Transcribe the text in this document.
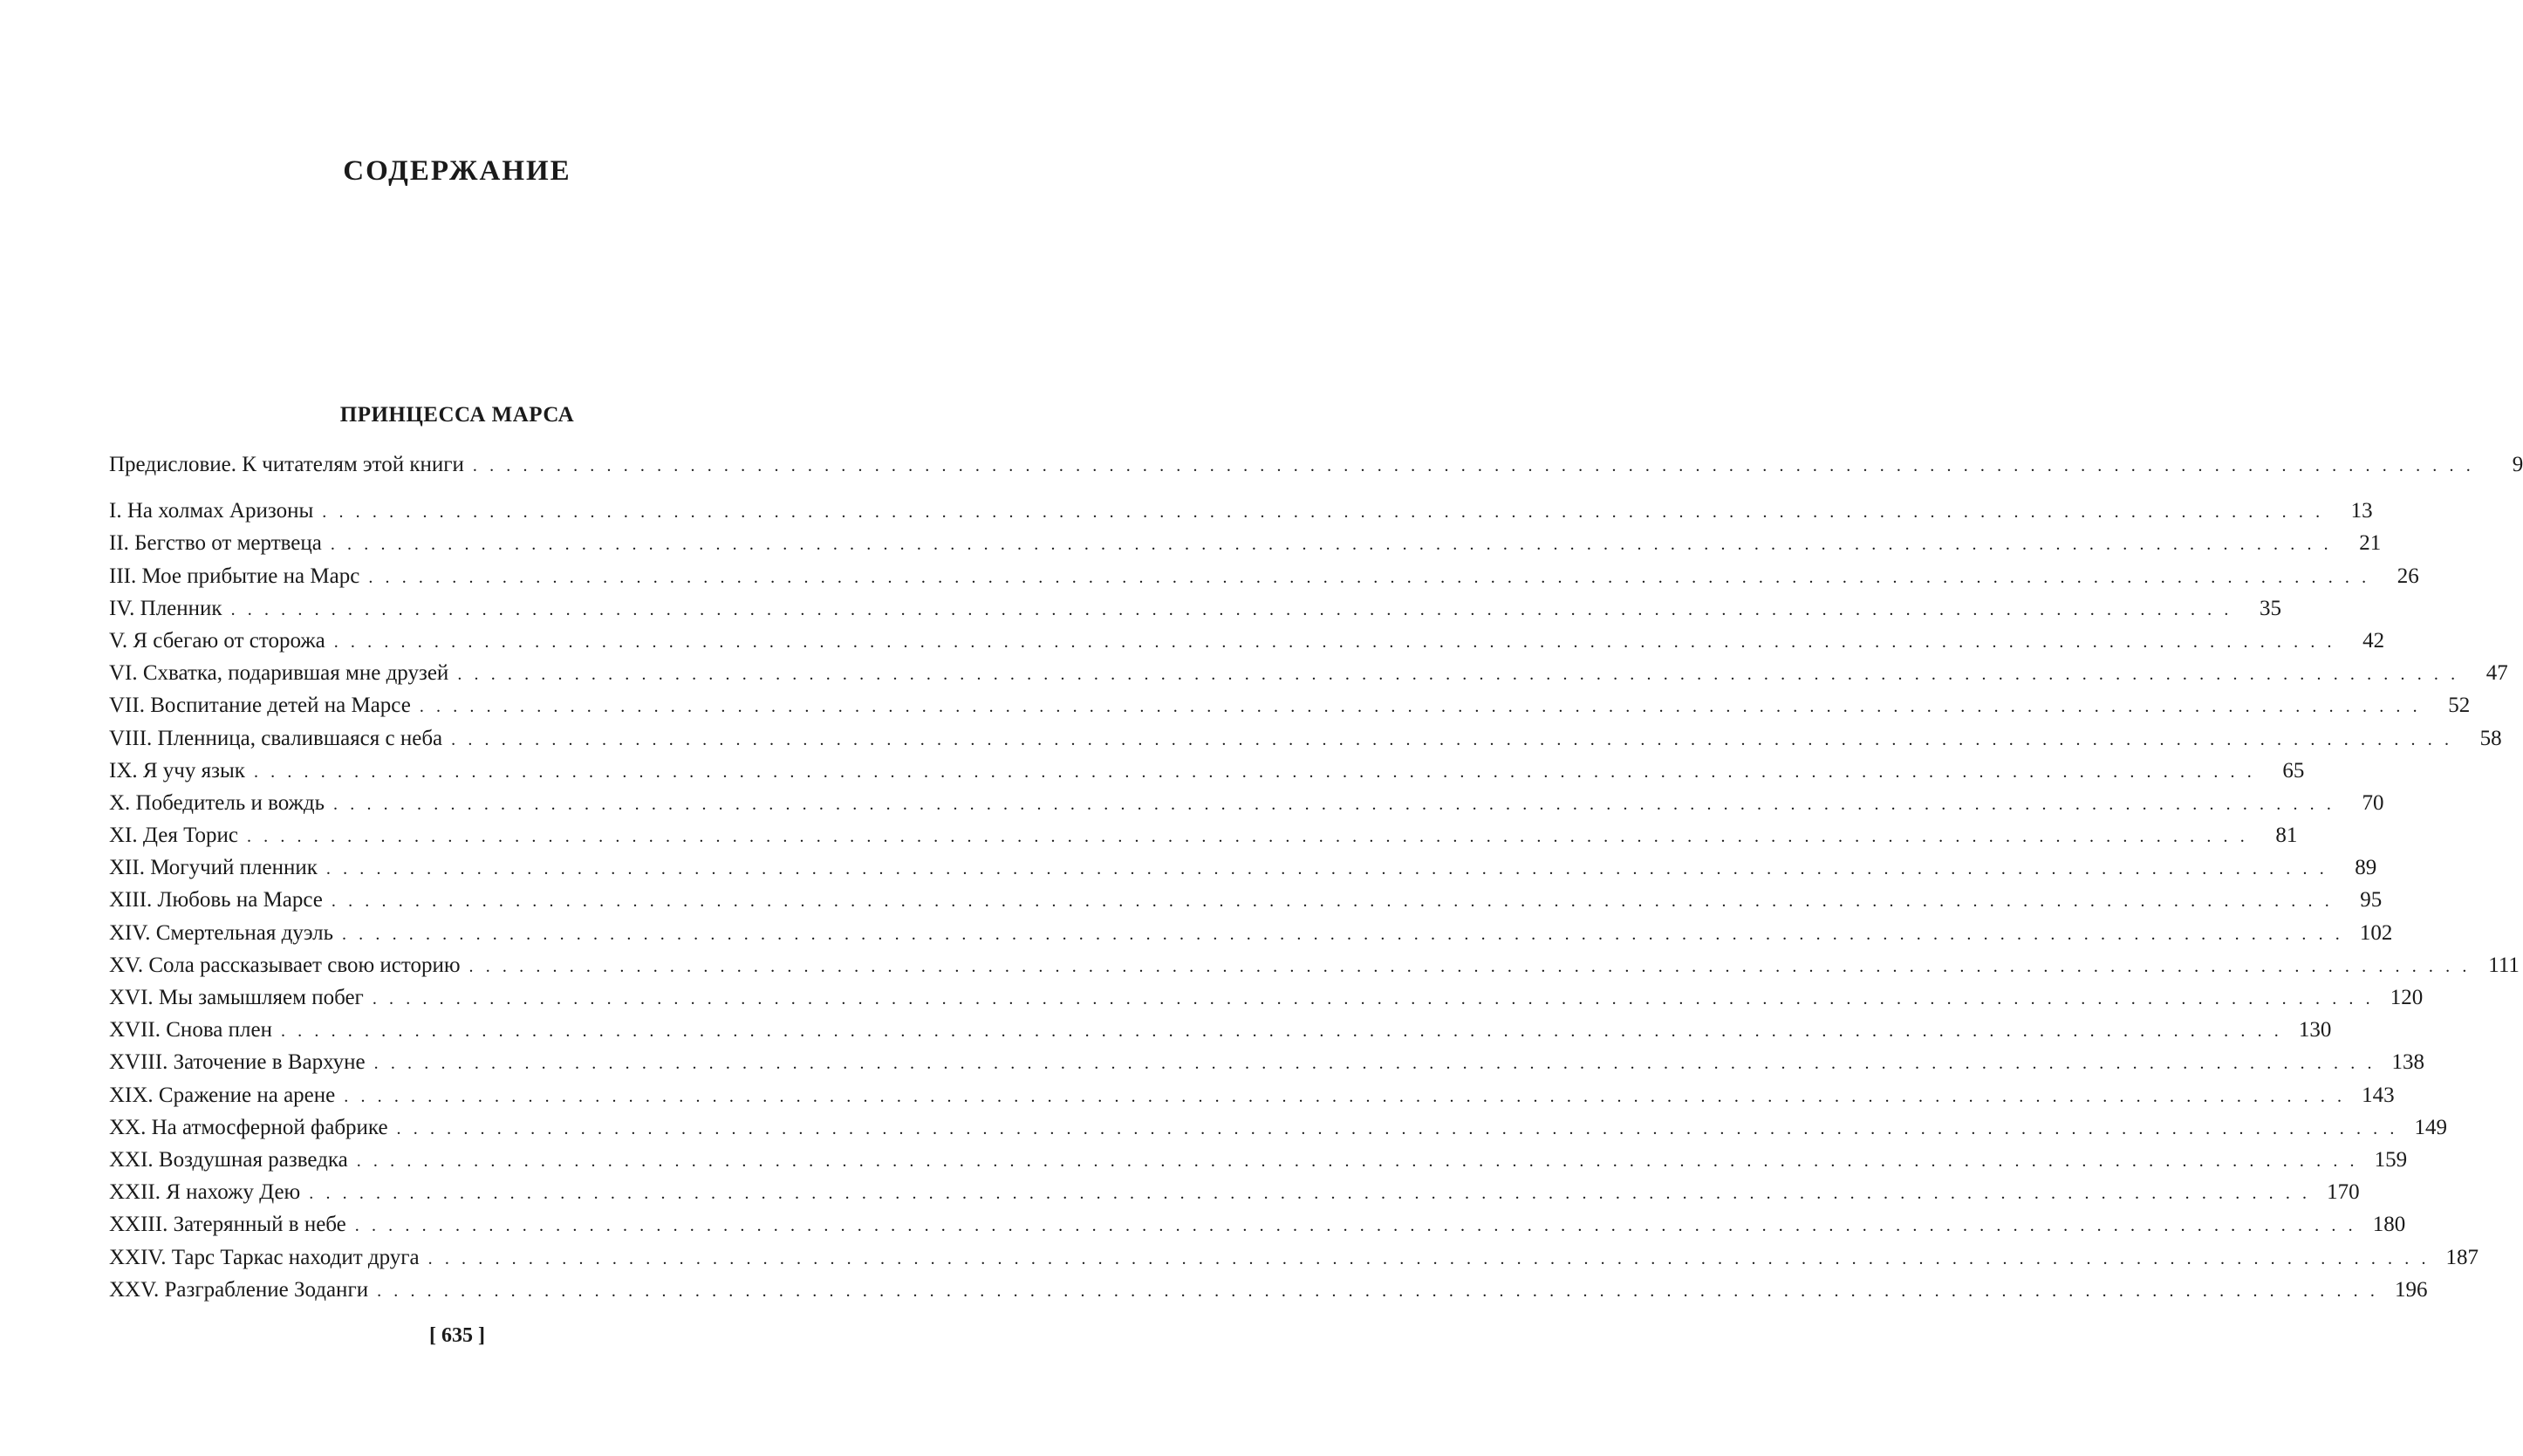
СОДЕРЖАНИЕ
ПРИНЦЕССА МАРСА
Предисловие. К читателям этой книги . . . . . . . . . . . . . . . . . . . . . . . . . . . . . . . . . . . . . . . . . . . . . . . . . . . . . . . . . . . . . . . . . . . . . . . . . . . . . . . . . . . . . . . . . . . . . . . . . . . . . . . . . . . . . . . . . . . . . . . .	9
I. На холмах Аризоны . . . . . . . . . . . . . . . . . . . . . . . . . . . . . . . . . . . . . . . . . . . . . . . . . . . . . . . . . . . . . . . . . . . . . . . . . . . . . . . . . . . . . . . . . . . . . . . . . . . . . . . . . . . . . . . . . . . . . . . .	13
II. Бегство от мертвеца . . . . . . . . . . . . . . . . . . . . . . . . . . . . . . . . . . . . . . . . . . . . . . . . . . . . . . . . . . . . . . . . . . . . . . . . . . . . . . . . . . . . . . . . . . . . . . . . . . . . . . . . . . . . . . . . . . . . . . . .	21
III. Мое прибытие на Марс . . . . . . . . . . . . . . . . . . . . . . . . . . . . . . . . . . . . . . . . . . . . . . . . . . . . . . . . . . . . . . . . . . . . . . . . . . . . . . . . . . . . . . . . . . . . . . . . . . . . . . . . . . . . . . . . . . . . . . . .	26
IV. Пленник . . . . . . . . . . . . . . . . . . . . . . . . . . . . . . . . . . . . . . . . . . . . . . . . . . . . . . . . . . . . . . . . . . . . . . . . . . . . . . . . . . . . . . . . . . . . . . . . . . . . . . . . . . . . . . . . . . . . . . . .	35
V. Я сбегаю от сторожа . . . . . . . . . . . . . . . . . . . . . . . . . . . . . . . . . . . . . . . . . . . . . . . . . . . . . . . . . . . . . . . . . . . . . . . . . . . . . . . . . . . . . . . . . . . . . . . . . . . . . . . . . . . . . . . . . . . . . . . .	42
VI. Схватка, подарившая мне друзей . . . . . . . . . . . . . . . . . . . . . . . . . . . . . . . . . . . . . . . . . . . . . . . . . . . . . . . . . . . . . . . . . . . . . . . . . . . . . . . . . . . . . . . . . . . . . . . . . . . . . . . . . . . . . . . . . . . . . . . .	47
VII. Воспитание детей на Марсе . . . . . . . . . . . . . . . . . . . . . . . . . . . . . . . . . . . . . . . . . . . . . . . . . . . . . . . . . . . . . . . . . . . . . . . . . . . . . . . . . . . . . . . . . . . . . . . . . . . . . . . . . . . . . . . . . . . . . . . .	52
VIII. Пленница, свалившаяся с неба . . . . . . . . . . . . . . . . . . . . . . . . . . . . . . . . . . . . . . . . . . . . . . . . . . . . . . . . . . . . . . . . . . . . . . . . . . . . . . . . . . . . . . . . . . . . . . . . . . . . . . . . . . . . . . . . . . . . . . . .	58
IX. Я учу язык . . . . . . . . . . . . . . . . . . . . . . . . . . . . . . . . . . . . . . . . . . . . . . . . . . . . . . . . . . . . . . . . . . . . . . . . . . . . . . . . . . . . . . . . . . . . . . . . . . . . . . . . . . . . . . . . . . . . . . . .	65
X. Победитель и вождь . . . . . . . . . . . . . . . . . . . . . . . . . . . . . . . . . . . . . . . . . . . . . . . . . . . . . . . . . . . . . . . . . . . . . . . . . . . . . . . . . . . . . . . . . . . . . . . . . . . . . . . . . . . . . . . . . . . . . . . .	70
XI. Дея Торис . . . . . . . . . . . . . . . . . . . . . . . . . . . . . . . . . . . . . . . . . . . . . . . . . . . . . . . . . . . . . . . . . . . . . . . . . . . . . . . . . . . . . . . . . . . . . . . . . . . . . . . . . . . . . . . . . . . . . . . .	81
XII. Могучий пленник . . . . . . . . . . . . . . . . . . . . . . . . . . . . . . . . . . . . . . . . . . . . . . . . . . . . . . . . . . . . . . . . . . . . . . . . . . . . . . . . . . . . . . . . . . . . . . . . . . . . . . . . . . . . . . . . . . . . . . . .	89
XIII. Любовь на Марсе . . . . . . . . . . . . . . . . . . . . . . . . . . . . . . . . . . . . . . . . . . . . . . . . . . . . . . . . . . . . . . . . . . . . . . . . . . . . . . . . . . . . . . . . . . . . . . . . . . . . . . . . . . . . . . . . . . . . . . . .	95
XIV. Смертельная дуэль . . . . . . . . . . . . . . . . . . . . . . . . . . . . . . . . . . . . . . . . . . . . . . . . . . . . . . . . . . . . . . . . . . . . . . . . . . . . . . . . . . . . . . . . . . . . . . . . . . . . . . . . . . . . . . . . . . . . . . . . 102
XV. Сола рассказывает свою историю . . . . . . . . . . . . . . . . . . . . . . . . . . . . . . . . . . . . . . . . . . . . . . . . . . . . . . . . . . . . . . . . . . . . . . . . . . . . . . . . . . . . . . . . . . . . . . . . . . . . . . . . . . . . . . . . . . . . . . . . 111
XVI. Мы замышляем побег . . . . . . . . . . . . . . . . . . . . . . . . . . . . . . . . . . . . . . . . . . . . . . . . . . . . . . . . . . . . . . . . . . . . . . . . . . . . . . . . . . . . . . . . . . . . . . . . . . . . . . . . . . . . . . . . . . . . . . . . 120
XVII. Снова плен . . . . . . . . . . . . . . . . . . . . . . . . . . . . . . . . . . . . . . . . . . . . . . . . . . . . . . . . . . . . . . . . . . . . . . . . . . . . . . . . . . . . . . . . . . . . . . . . . . . . . . . . . . . . . . . . . . . . . . . . 130
XVIII. Заточение в Вархуне . . . . . . . . . . . . . . . . . . . . . . . . . . . . . . . . . . . . . . . . . . . . . . . . . . . . . . . . . . . . . . . . . . . . . . . . . . . . . . . . . . . . . . . . . . . . . . . . . . . . . . . . . . . . . . . . . . . . . . . . 138
XIX. Сражение на арене . . . . . . . . . . . . . . . . . . . . . . . . . . . . . . . . . . . . . . . . . . . . . . . . . . . . . . . . . . . . . . . . . . . . . . . . . . . . . . . . . . . . . . . . . . . . . . . . . . . . . . . . . . . . . . . . . . . . . . . . 143
XX. На атмосферной фабрике . . . . . . . . . . . . . . . . . . . . . . . . . . . . . . . . . . . . . . . . . . . . . . . . . . . . . . . . . . . . . . . . . . . . . . . . . . . . . . . . . . . . . . . . . . . . . . . . . . . . . . . . . . . . . . . . . . . . . . . . 149
XXI. Воздушная разведка . . . . . . . . . . . . . . . . . . . . . . . . . . . . . . . . . . . . . . . . . . . . . . . . . . . . . . . . . . . . . . . . . . . . . . . . . . . . . . . . . . . . . . . . . . . . . . . . . . . . . . . . . . . . . . . . . . . . . . . . 159
XXII. Я нахожу Дею . . . . . . . . . . . . . . . . . . . . . . . . . . . . . . . . . . . . . . . . . . . . . . . . . . . . . . . . . . . . . . . . . . . . . . . . . . . . . . . . . . . . . . . . . . . . . . . . . . . . . . . . . . . . . . . . . . . . . . . . 170
XXIII. Затерянный в небе . . . . . . . . . . . . . . . . . . . . . . . . . . . . . . . . . . . . . . . . . . . . . . . . . . . . . . . . . . . . . . . . . . . . . . . . . . . . . . . . . . . . . . . . . . . . . . . . . . . . . . . . . . . . . . . . . . . . . . . . 180
XXIV. Тарс Таркас находит друга . . . . . . . . . . . . . . . . . . . . . . . . . . . . . . . . . . . . . . . . . . . . . . . . . . . . . . . . . . . . . . . . . . . . . . . . . . . . . . . . . . . . . . . . . . . . . . . . . . . . . . . . . . . . . . . . . . . . . . . . 187
XXV. Разграбление Зоданги . . . . . . . . . . . . . . . . . . . . . . . . . . . . . . . . . . . . . . . . . . . . . . . . . . . . . . . . . . . . . . . . . . . . . . . . . . . . . . . . . . . . . . . . . . . . . . . . . . . . . . . . . . . . . . . . . . . . . . . . 196
[ 635 ]
